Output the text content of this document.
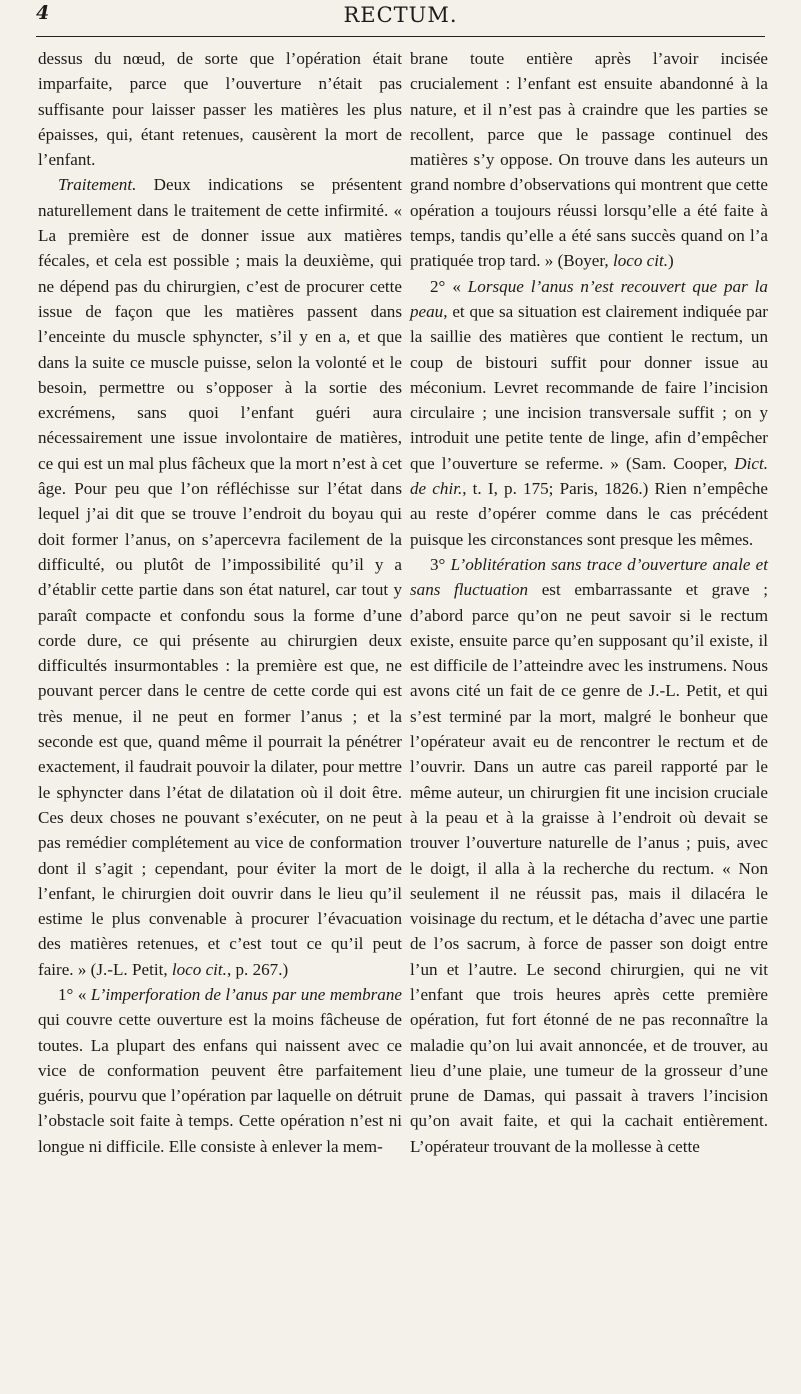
4	RECTUM.

dessus du nœud, de sorte que l’opération était imparfaite, parce que l’ouverture n’était pas suffisante pour laisser passer les matières les plus épaisses, qui, étant retenues, causèrent la mort de l’enfant.

Traitement. Deux indications se présentent naturellement dans le traitement de cette infirmité. « La première est de donner issue aux matières fécales, et cela est possible ; mais la deuxième, qui ne dépend pas du chirurgien, c’est de procurer cette issue de façon que les matières passent dans l’enceinte du muscle sphyncter, s’il y en a, et que dans la suite ce muscle puisse, selon la volonté et le besoin, permettre ou s’opposer à la sortie des excrémens, sans quoi l’enfant guéri aura nécessairement une issue involontaire de matières, ce qui est un mal plus fâcheux que la mort n’est à cet âge. Pour peu que l’on réfléchisse sur l’état dans lequel j’ai dit que se trouve l’endroit du boyau qui doit former l’anus, on s’apercevra facilement de la difficulté, ou plutôt de l’impossibilité qu’il y a d’établir cette partie dans son état naturel, car tout y paraît compacte et confondu sous la forme d’une corde dure, ce qui présente au chirurgien deux difficultés insurmontables : la première est que, ne pouvant percer dans le centre de cette corde qui est très menue, il ne peut en former l’anus ; et la seconde est que, quand même il pourrait la pénétrer exactement, il faudrait pouvoir la dilater, pour mettre le sphyncter dans l’état de dilatation où il doit être. Ces deux choses ne pouvant s’exécuter, on ne peut pas remédier complétement au vice de conformation dont il s’agit ; cependant, pour éviter la mort de l’enfant, le chirurgien doit ouvrir dans le lieu qu’il estime le plus convenable à procurer l’évacuation des matières retenues, et c’est tout ce qu’il peut faire. » (J.-L. Petit, loco cit., p. 267.)

1° « L’imperforation de l’anus par une membrane qui couvre cette ouverture est la moins fâcheuse de toutes. La plupart des enfans qui naissent avec ce vice de conformation peuvent être parfaitement guéris, pourvu que l’opération par laquelle on détruit l’obstacle soit faite à temps. Cette opération n’est ni longue ni difficile. Elle consiste à enlever la mem-

brane toute entière après l’avoir incisée crucialement : l’enfant est ensuite abandonné à la nature, et il n’est pas à craindre que les parties se recollent, parce que le passage continuel des matières s’y oppose. On trouve dans les auteurs un grand nombre d’observations qui montrent que cette opération a toujours réussi lorsqu’elle a été faite à temps, tandis qu’elle a été sans succès quand on l’a pratiquée trop tard. » (Boyer, loco cit.)

2° « Lorsque l’anus n’est recouvert que par la peau, et que sa situation est clairement indiquée par la saillie des matières que contient le rectum, un coup de bistouri suffit pour donner issue au méconium. Levret recommande de faire l’incision circulaire ; une incision transversale suffit ; on y introduit une petite tente de linge, afin d’empêcher que l’ouverture se referme. » (Sam. Cooper, Dict. de chir., t. I, p. 175; Paris, 1826.) Rien n’empêche au reste d’opérer comme dans le cas précédent puisque les circonstances sont presque les mêmes.

3° L’oblitération sans trace d’ouverture anale et sans fluctuation est embarrassante et grave ; d’abord parce qu’on ne peut savoir si le rectum existe, ensuite parce qu’en supposant qu’il existe, il est difficile de l’atteindre avec les instrumens. Nous avons cité un fait de ce genre de J.-L. Petit, et qui s’est terminé par la mort, malgré le bonheur que l’opérateur avait eu de rencontrer le rectum et de l’ouvrir. Dans un autre cas pareil rapporté par le même auteur, un chirurgien fit une incision cruciale à la peau et à la graisse à l’endroit où devait se trouver l’ouverture naturelle de l’anus ; puis, avec le doigt, il alla à la recherche du rectum. « Non seulement il ne réussit pas, mais il dilacéra le voisinage du rectum, et le détacha d’avec une partie de l’os sacrum, à force de passer son doigt entre l’un et l’autre. Le second chirurgien, qui ne vit l’enfant que trois heures après cette première opération, fut fort étonné de ne pas reconnaître la maladie qu’on lui avait annoncée, et de trouver, au lieu d’une plaie, une tumeur de la grosseur d’une prune de Damas, qui passait à travers l’incision qu’on avait faite, et qui la cachait entièrement. L’opérateur trouvant de la mollesse à cette
